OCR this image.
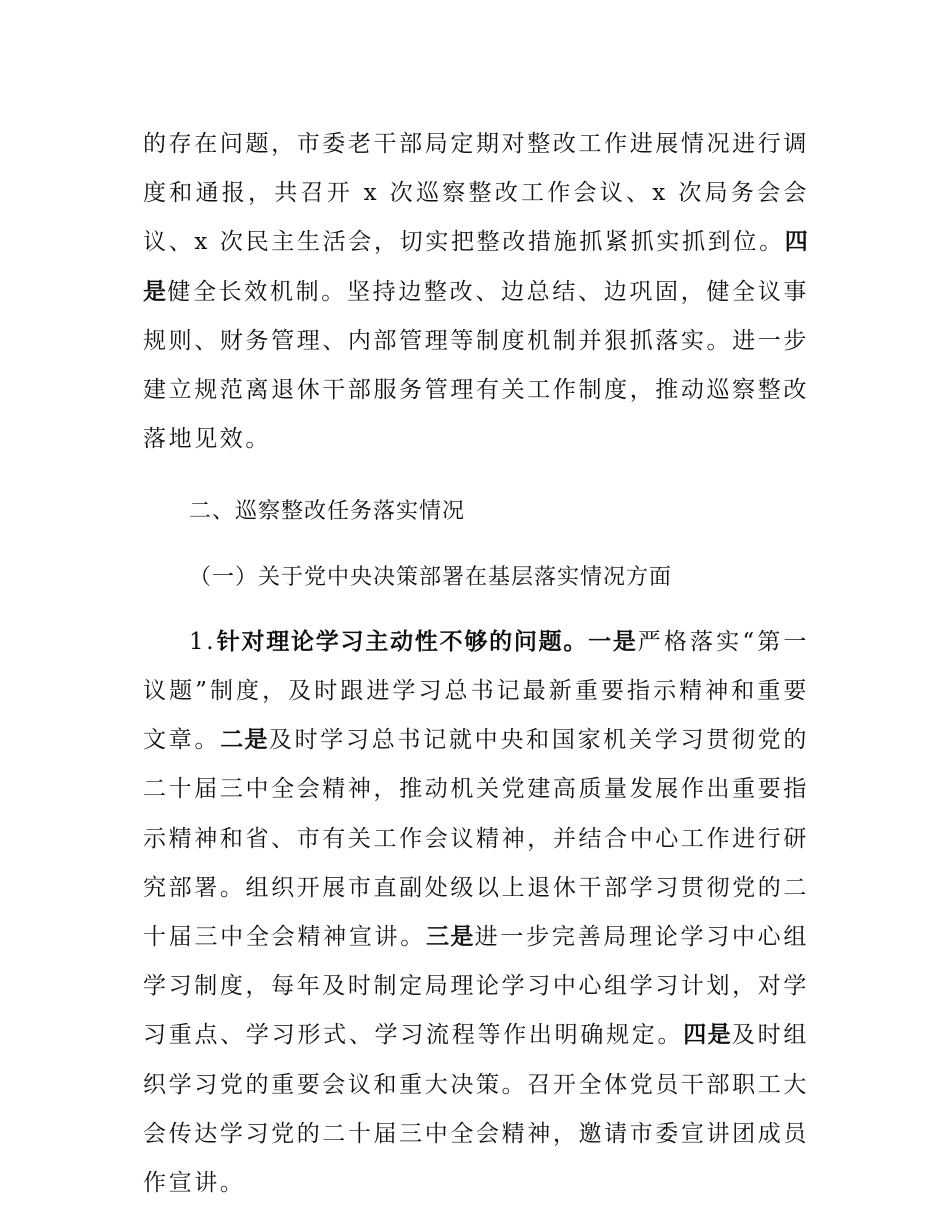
的存在问题，市委老干部局定期对整改工作进展情况进行调度和通报，共召开 x 次巡察整改工作会议、x 次局务会会议、x 次民主生活会，切实把整改措施抓紧抓实抓到位。四是健全长效机制。坚持边整改、边总结、边巩固，健全议事规则、财务管理、内部管理等制度机制并狠抓落实。进一步建立规范离退休干部服务管理有关工作制度，推动巡察整改落地见效。

二、巡察整改任务落实情况

（一）关于党中央决策部署在基层落实情况方面

1.针对理论学习主动性不够的问题。一是严格落实“第一议题”制度，及时跟进学习总书记最新重要指示精神和重要文章。二是及时学习总书记就中央和国家机关学习贯彻党的二十届三中全会精神，推动机关党建高质量发展作出重要指示精神和省、市有关工作会议精神，并结合中心工作进行研究部署。组织开展市直副处级以上退休干部学习贯彻党的二十届三中全会精神宣讲。三是进一步完善局理论学习中心组学习制度，每年及时制定局理论学习中心组学习计划，对学习重点、学习形式、学习流程等作出明确规定。四是及时组织学习党的重要会议和重大决策。召开全体党员干部职工大会传达学习党的二十届三中全会精神，邀请市委宣讲团成员作宣讲。
